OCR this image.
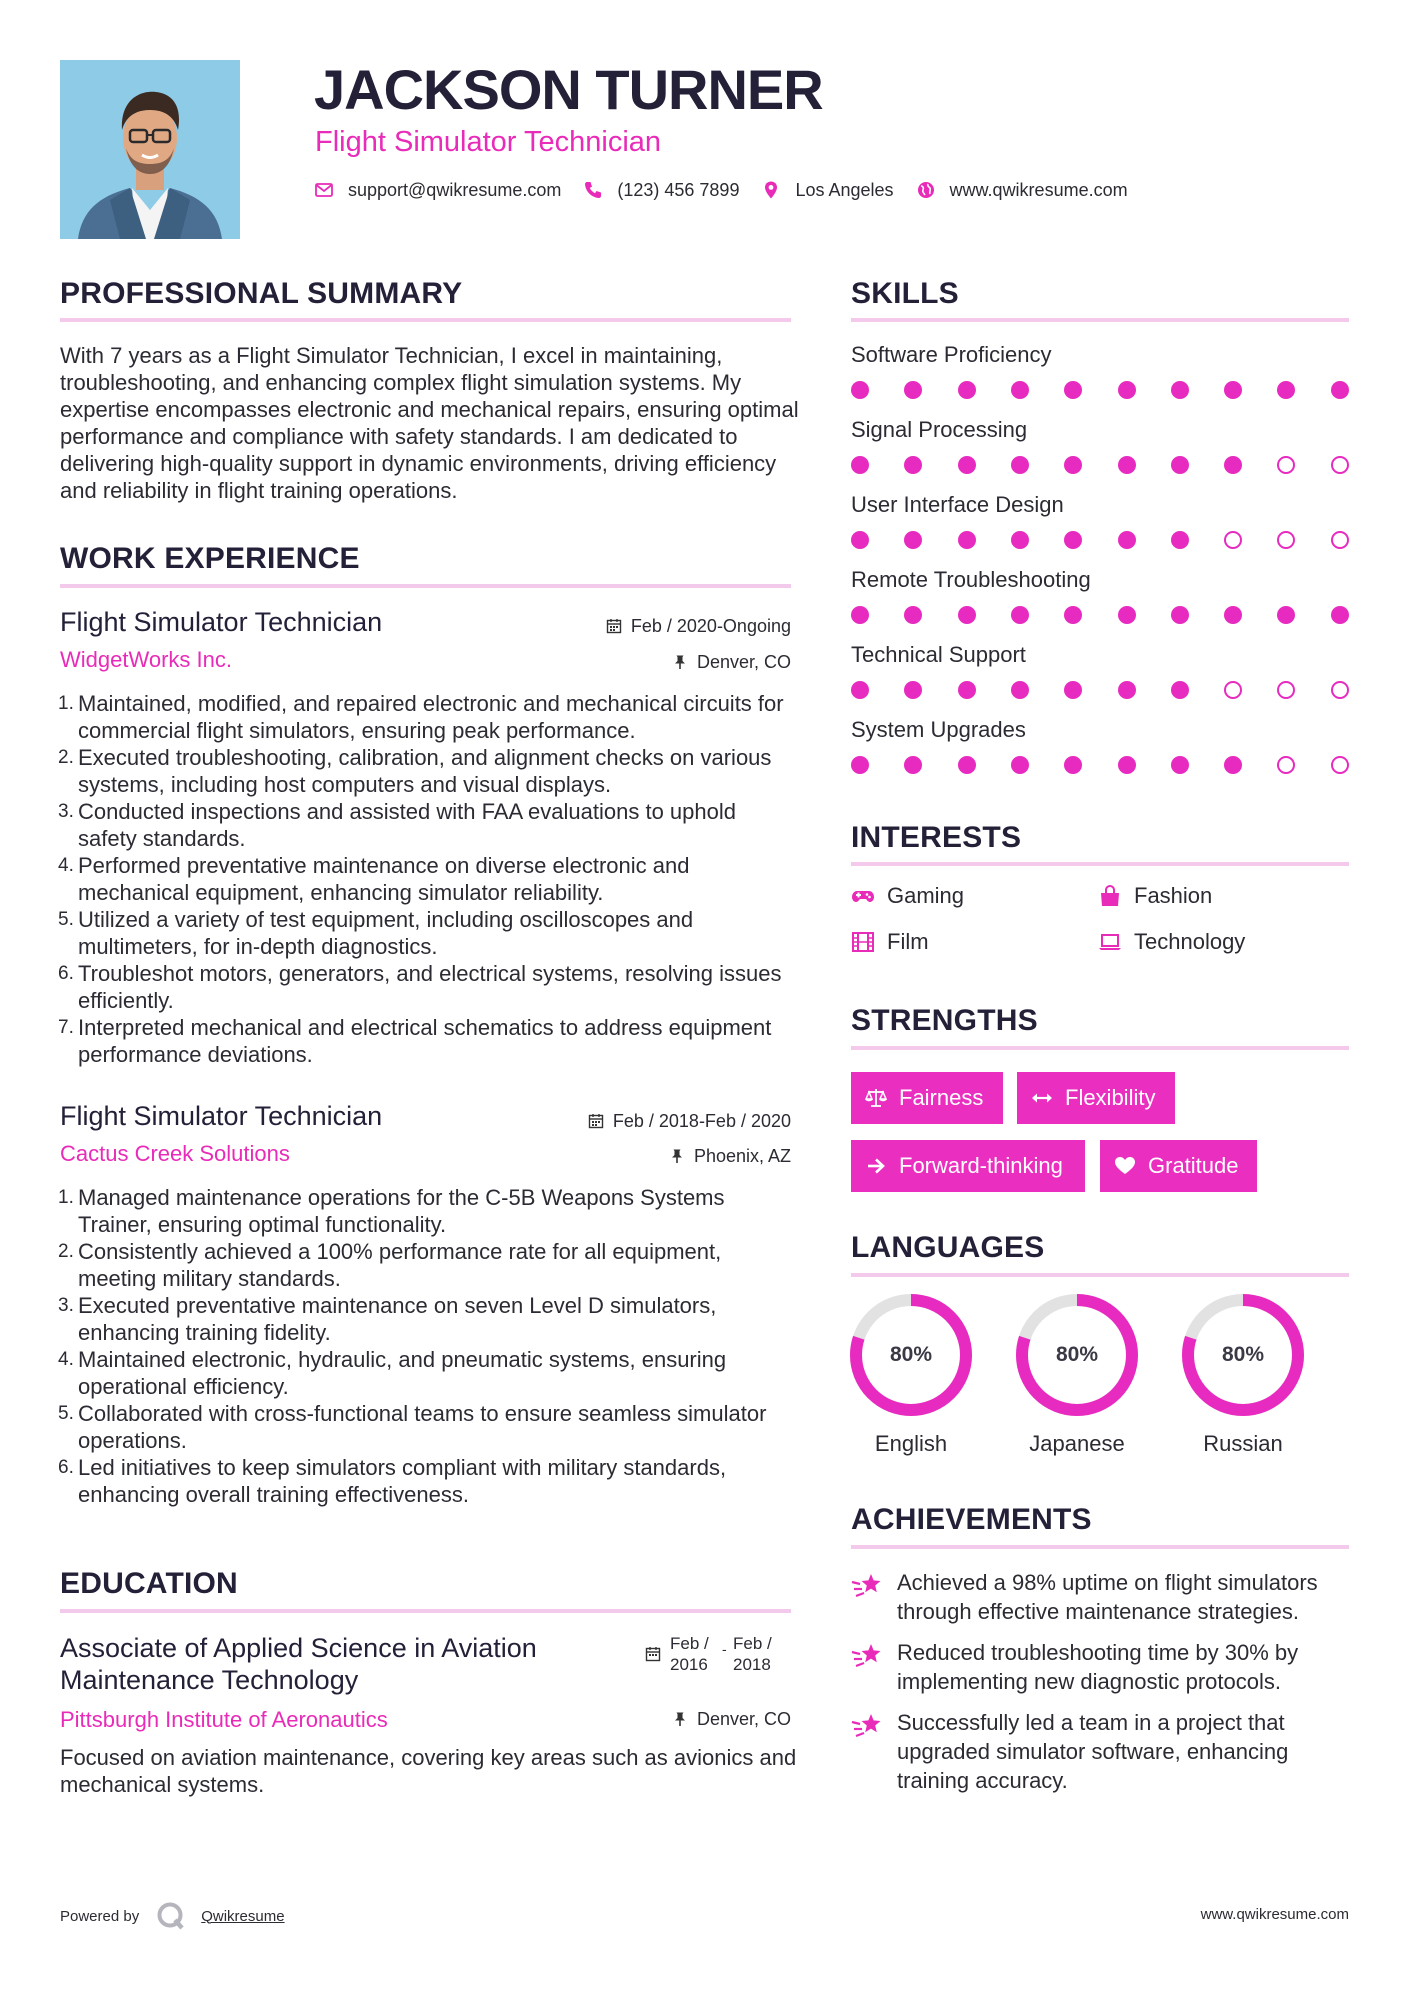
JACKSON TURNER
Flight Simulator Technician
support@qwikresume.com	(123) 456 7899	Los Angeles	www.qwikresume.com
PROFESSIONAL SUMMARY
With 7 years as a Flight Simulator Technician, I excel in maintaining, troubleshooting, and enhancing complex flight simulation systems. My expertise encompasses electronic and mechanical repairs, ensuring optimal performance and compliance with safety standards. I am dedicated to delivering high-quality support in dynamic environments, driving efficiency and reliability in flight training operations.
WORK EXPERIENCE
Flight Simulator Technician	Feb / 2020-Ongoing
WidgetWorks Inc.	Denver, CO
1. Maintained, modified, and repaired electronic and mechanical circuits for commercial flight simulators, ensuring peak performance.
2. Executed troubleshooting, calibration, and alignment checks on various systems, including host computers and visual displays.
3. Conducted inspections and assisted with FAA evaluations to uphold safety standards.
4. Performed preventative maintenance on diverse electronic and mechanical equipment, enhancing simulator reliability.
5. Utilized a variety of test equipment, including oscilloscopes and multimeters, for in-depth diagnostics.
6. Troubleshot motors, generators, and electrical systems, resolving issues efficiently.
7. Interpreted mechanical and electrical schematics to address equipment performance deviations.
Flight Simulator Technician	Feb / 2018-Feb / 2020
Cactus Creek Solutions	Phoenix, AZ
1. Managed maintenance operations for the C-5B Weapons Systems Trainer, ensuring optimal functionality.
2. Consistently achieved a 100% performance rate for all equipment, meeting military standards.
3. Executed preventative maintenance on seven Level D simulators, enhancing training fidelity.
4. Maintained electronic, hydraulic, and pneumatic systems, ensuring operational efficiency.
5. Collaborated with cross-functional teams to ensure seamless simulator operations.
6. Led initiatives to keep simulators compliant with military standards, enhancing overall training effectiveness.
EDUCATION
Associate of Applied Science in Aviation Maintenance Technology
Feb / 2016
- Feb / 2018
Pittsburgh Institute of Aeronautics	Denver, CO
Focused on aviation maintenance, covering key areas such as avionics and mechanical systems.
SKILLS
Software Proficiency
Signal Processing
User Interface Design
Remote Troubleshooting
Technical Support
System Upgrades
INTERESTS
Gaming	Fashion
Film	Technology
STRENGTHS
Fairness	Flexibility
Forward-thinking	Gratitude
LANGUAGES
80%
English
80%
Japanese
80%
Russian
ACHIEVEMENTS
Achieved a 98% uptime on flight simulators through effective maintenance strategies.
Reduced troubleshooting time by 30% by implementing new diagnostic protocols.
Successfully led a team in a project that upgraded simulator software, enhancing training accuracy.
Powered by	Qwikresume	www.qwikresume.com
